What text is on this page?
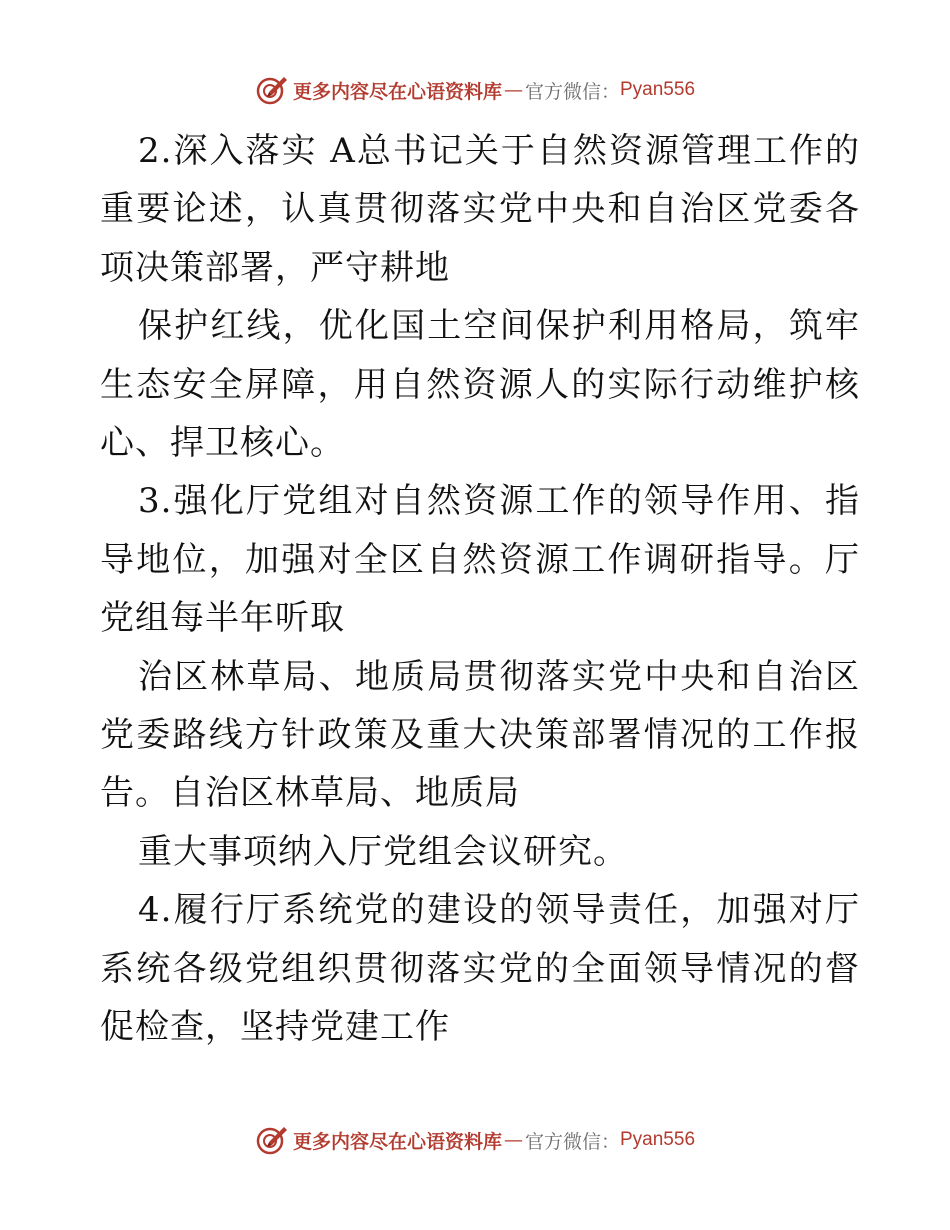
更多内容尽在心语资料库 — 官方微信： Pyan556

2.深入落实 A总书记关于自然资源管理工作的重要论述，认真贯彻落实党中央和自治区党委各项决策部署，严守耕地

保护红线，优化国土空间保护利用格局，筑牢生态安全屏障，用自然资源人的实际行动维护核心、捍卫核心。

3.强化厅党组对自然资源工作的领导作用、指导地位，加强对全区自然资源工作调研指导。厅党组每半年听取

治区林草局、地质局贯彻落实党中央和自治区党委路线方针政策及重大决策部署情况的工作报告。自治区林草局、地质局

重大事项纳入厅党组会议研究。

4.履行厅系统党的建设的领导责任，加强对厅系统各级党组织贯彻落实党的全面领导情况的督促检查，坚持党建工作

更多内容尽在心语资料库 — 官方微信： Pyan556
